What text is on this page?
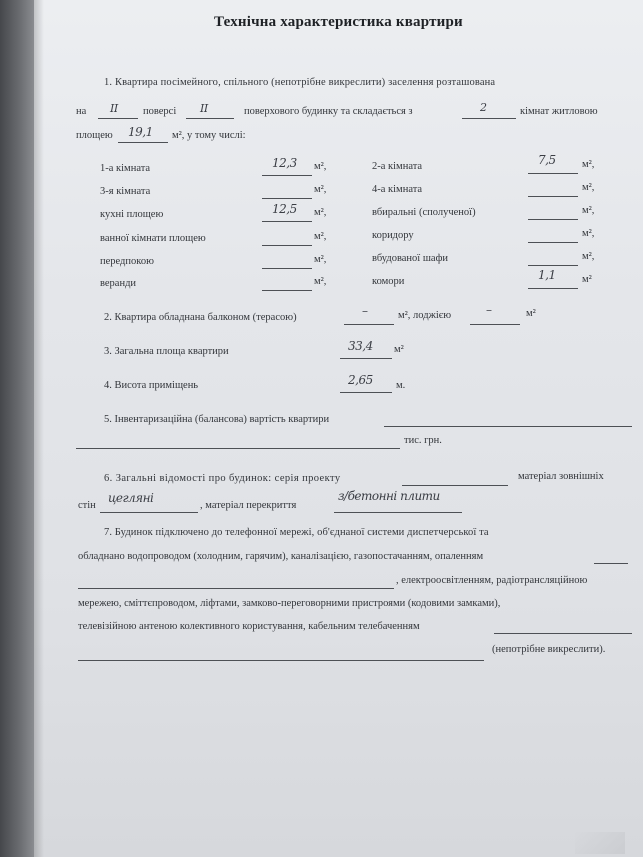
Технічна характеристика квартири
1. Квартира посімейного, спільного (непотрібне викреслити) заселення розташована
на II поверсі II	поверхового будинку та складається з	2	кімнат житловою
площею 19,1 м², у тому числі:
1-а кімната	12,3 м²,
3-я кімната	м²,
кухні площею	12,5 м²,
ванної кімнати площею	м²,
передпокою	м²,
веранди	м²,
2-а кімната	7,5	м²,
4-а кімната	м²,
вбиральні (сполученої)	м²,
коридору	м²,
вбудованої шафи	м²,
комори	1,1	м²
2. Квартира обладнана балконом (терасою)	–	м², лоджією	–	м²
3. Загальна площа квартири	33,4 м²
4. Висота приміщень	2,65 м.
5. Інвентаризаційна (балансова) вартість квартири
тис. грн.
6. Загальні відомості про будинок: серія проекту	матеріал зовнішніх
стін
цегляні
, матеріал перекриття
з/бетонні плити
7. Будинок підключено до телефонної мережі, об'єднаної системи диспетчерської та
обладнано водопроводом (холодним, гарячим), каналізацією, газопостачанням, опаленням
, електроосвітленням, радіотрансляційною
мережею, сміттєпроводом, ліфтами, замково-переговорними пристроями (кодовими замками),
телевізійною антеною колективного користування, кабельним телебаченням
(непотрібне викреслити).
